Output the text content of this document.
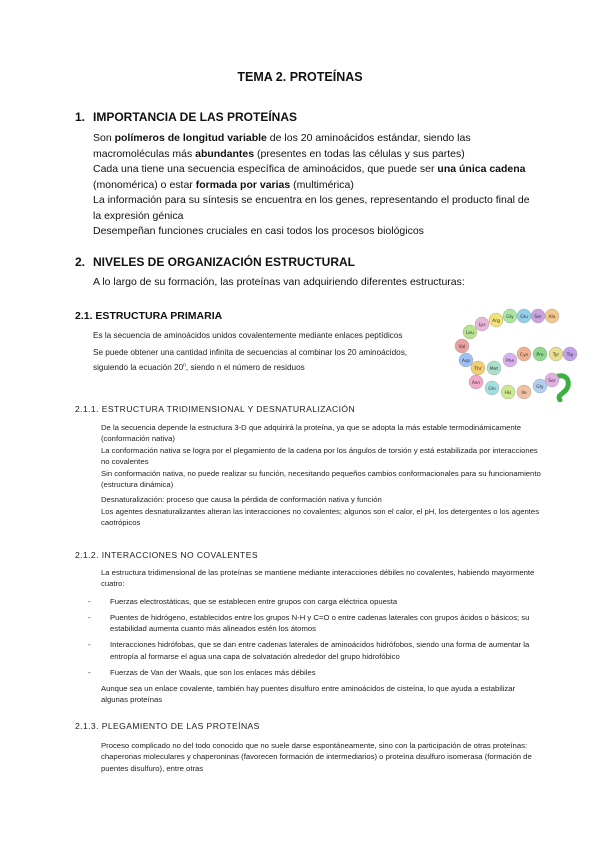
TEMA 2. PROTEÍNAS
1. IMPORTANCIA DE LAS PROTEÍNAS
Son polímeros de longitud variable de los 20 aminoácidos estándar, siendo las macromoléculas más abundantes (presentes en todas las células y sus partes)
Cada una tiene una secuencia específica de aminoácidos, que puede ser una única cadena (monomérica) o estar formada por varias (multimérica)
La información para su síntesis se encuentra en los genes, representando el producto final de la expresión génica
Desempeñan funciones cruciales en casi todos los procesos biológicos
2. NIVELES DE ORGANIZACIÓN ESTRUCTURAL
A lo largo de su formación, las proteínas van adquiriendo diferentes estructuras:
2.1. ESTRUCTURA PRIMARIA
Es la secuencia de aminoácidos unidos covalentemente mediante enlaces peptídicos
Se puede obtener una cantidad infinita de secuencias al combinar los 20 aminoácidos, siguiendo la ecuación 20$^n$, siendo n el número de residuos
Lys
Arg
Gly Glu Ser Ala
Leu
Val
Asp
Thr Met
Phe
Cys Pro Tyr Trp
Asn
Gln
His Ile
Gly
Ser
2.1.1. ESTRUCTURA TRIDIMENSIONAL Y DESNATURALIZACIÓN
De la secuencia depende la estructura 3-D que adquirirá la proteína, ya que se adopta la más estable termodinámicamente (conformación nativa)
La conformación nativa se logra por el plegamiento de la cadena por los ángulos de torsión y está estabilizada por interacciones no covalentes
Sin conformación nativa, no puede realizar su función, necesitando pequeños cambios conformacionales para su funcionamiento (estructura dinámica)
Desnaturalización: proceso que causa la pérdida de conformación nativa y función
Los agentes desnaturalizantes alteran las interacciones no covalentes; algunos son el calor, el pH, los detergentes o los agentes caotrópicos
2.1.2. INTERACCIONES NO COVALENTES
La estructura tridimensional de las proteínas se mantiene mediante interacciones débiles no covalentes, habiendo mayormente cuatro:
-	Fuerzas electrostáticas, que se establecen entre grupos con carga eléctrica opuesta
-	Puentes de hidrógeno, establecidos entre los grupos N-H y C=O o entre cadenas laterales con grupos ácidos o básicos; su estabilidad aumenta cuanto más alineados estén los átomos
-	Interacciones hidrófobas, que se dan entre cadenas laterales de aminoácidos hidrófobos, siendo una forma de aumentar la entropía al formarse el agua una capa de solvatación alrededor del grupo hidrofóbico
-	Fuerzas de Van der Waals, que son los enlaces más débiles
Aunque sea un enlace covalente, también hay puentes disulfuro entre aminoácidos de cisteína, lo que ayuda a estabilizar algunas proteínas
2.1.3. PLEGAMIENTO DE LAS PROTEÍNAS
Proceso complicado no del todo conocido que no suele darse espontáneamente, sino con la participación de otras proteínas: chaperonas moleculares y chaperoninas (favorecen formación de intermediarios) o proteína disulfuro isomerasa (formación de puentes disulfuro), entre otras
